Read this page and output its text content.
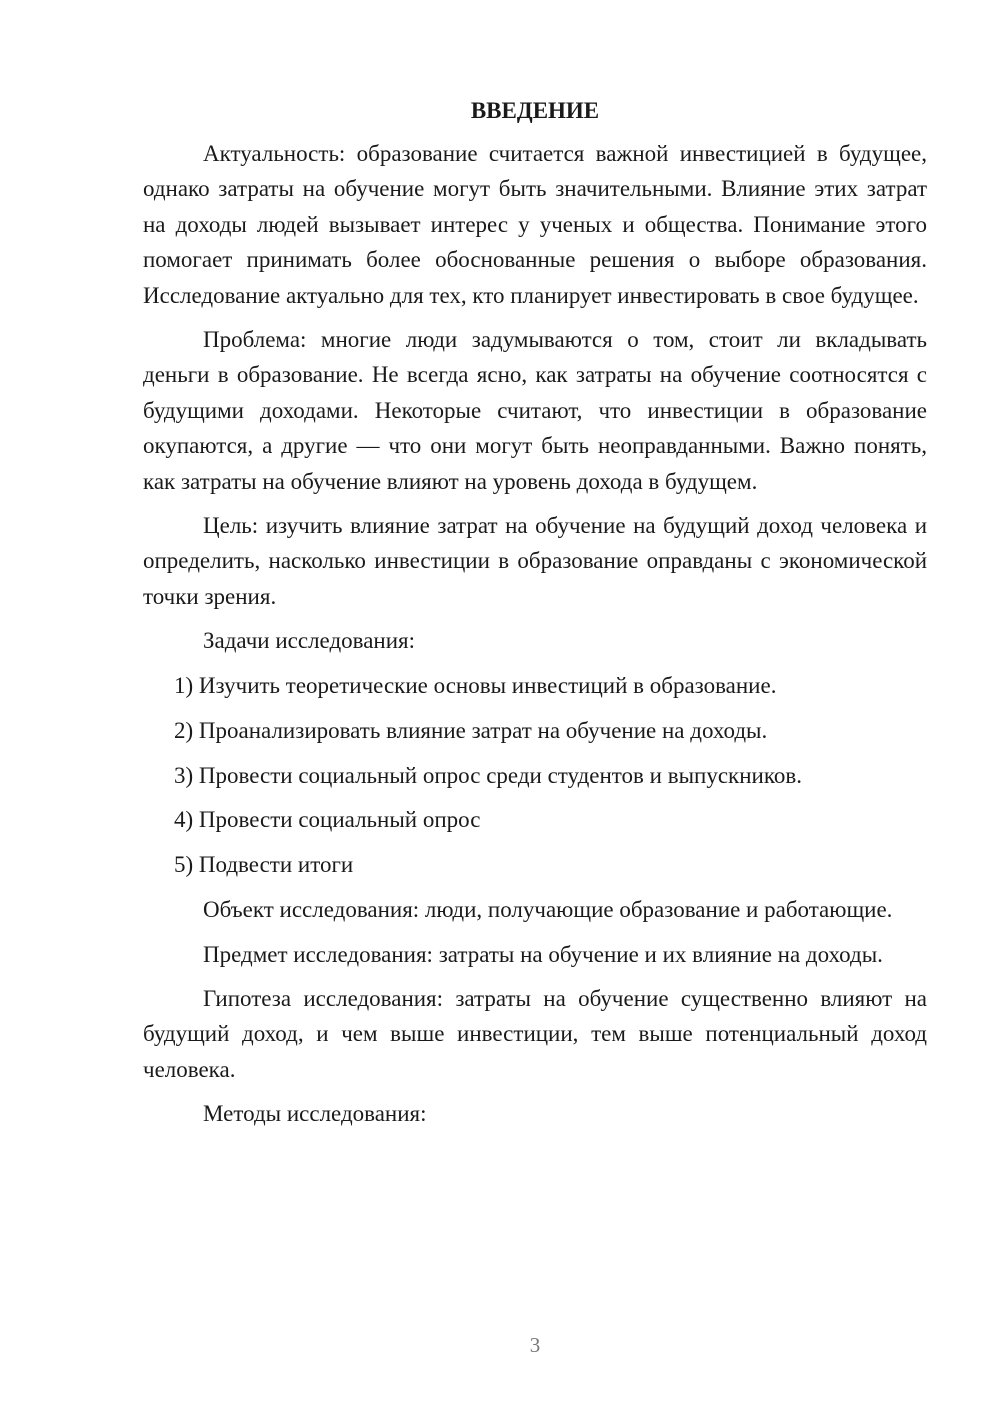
ВВЕДЕНИЕ

Актуальность: образование считается важной инвестицией в будущее, однако затраты на обучение могут быть значительными. Влияние этих затрат на доходы людей вызывает интерес у ученых и общества. Понимание этого помогает принимать более обоснованные решения о выборе образования. Исследование актуально для тех, кто планирует инвестировать в свое будущее.

Проблема: многие люди задумываются о том, стоит ли вкладывать деньги в образование. Не всегда ясно, как затраты на обучение соотносятся с будущими доходами. Некоторые считают, что инвестиции в образование окупаются, а другие — что они могут быть неоправданными. Важно понять, как затраты на обучение влияют на уровень дохода в будущем.

Цель: изучить влияние затрат на обучение на будущий доход человека и определить, насколько инвестиции в образование оправданы с экономической точки зрения.

Задачи исследования:

1) Изучить теоретические основы инвестиций в образование.

2) Проанализировать влияние затрат на обучение на доходы.

3) Провести социальный опрос среди студентов и выпускников.

4) Провести социальный опрос

5) Подвести итоги

Объект исследования: люди, получающие образование и работающие.

Предмет исследования: затраты на обучение и их влияние на доходы.

Гипотеза исследования: затраты на обучение существенно влияют на будущий доход, и чем выше инвестиции, тем выше потенциальный доход человека.

Методы исследования:

3
